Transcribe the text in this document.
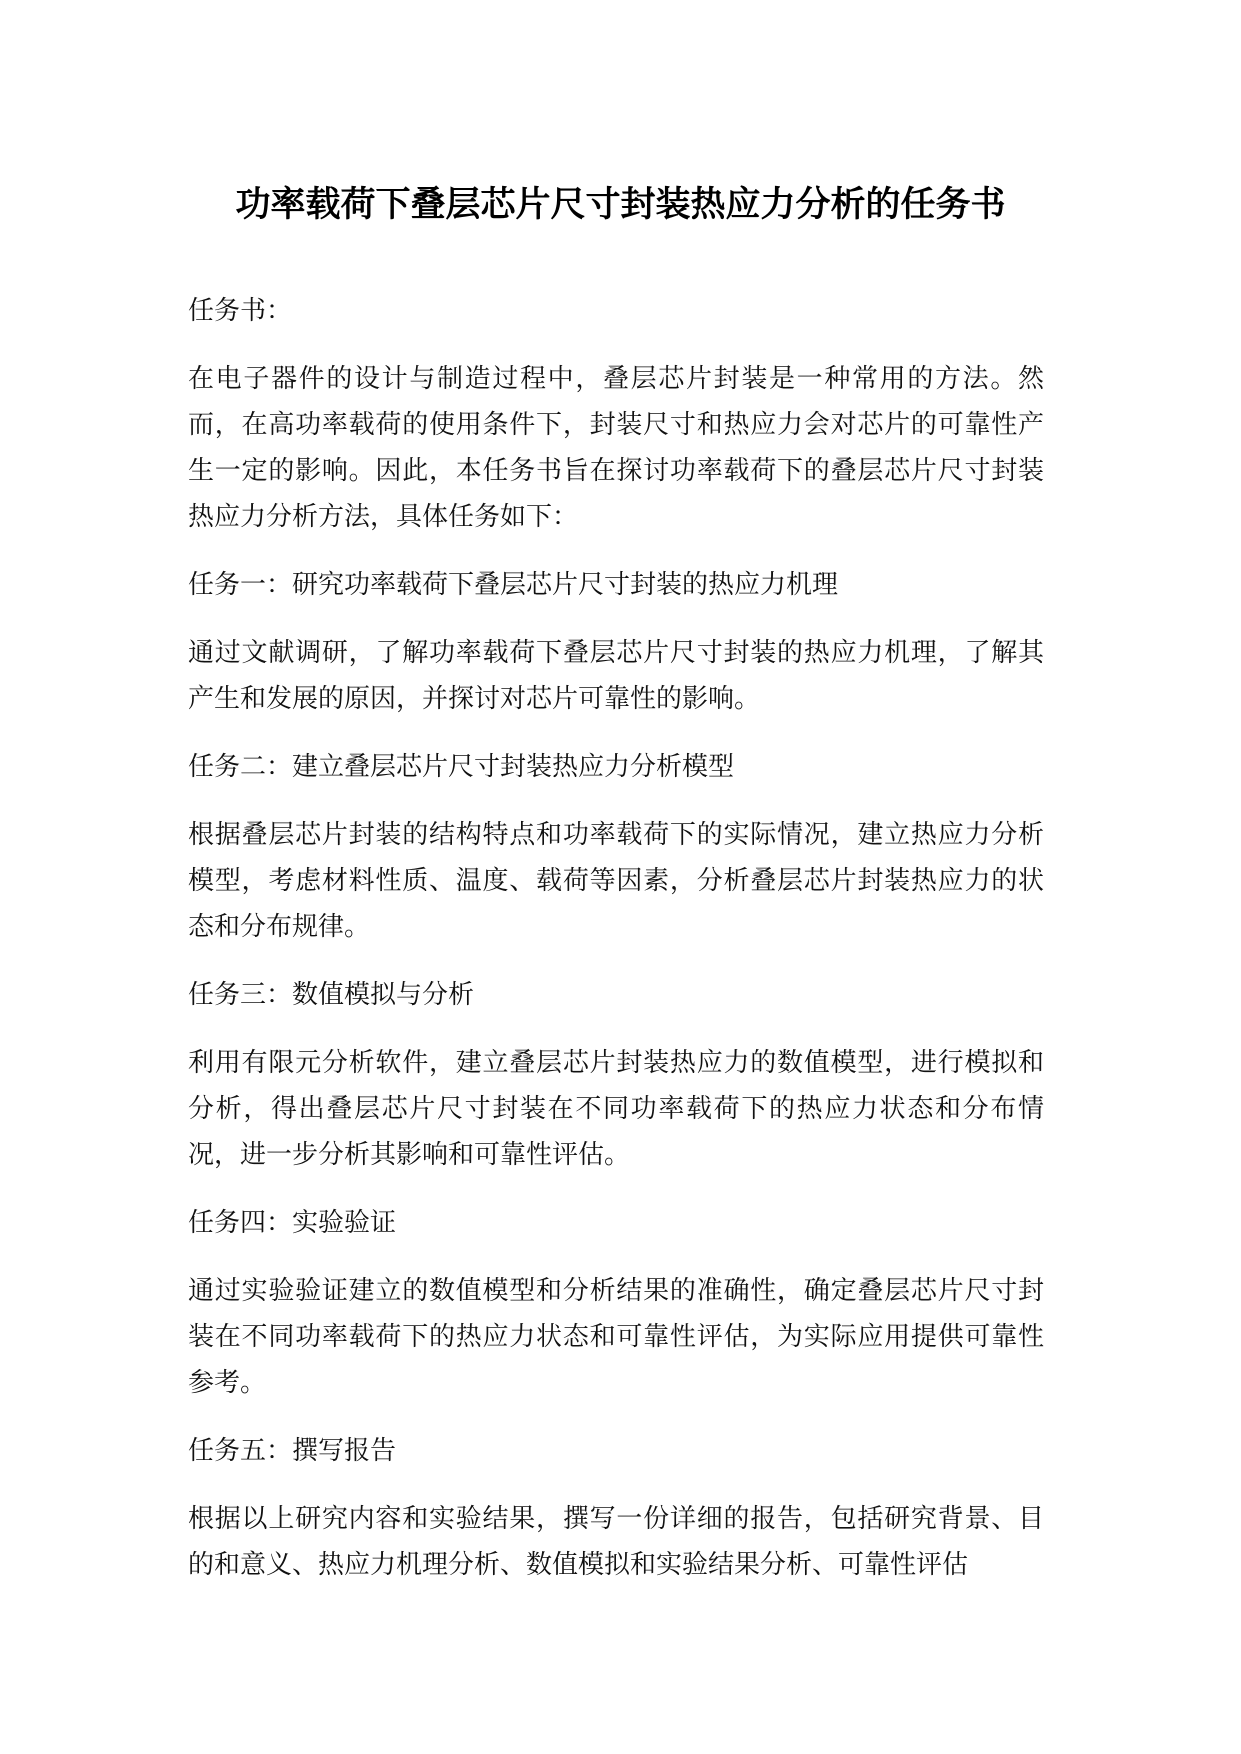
功率载荷下叠层芯片尺寸封装热应力分析的任务书

任务书：

在电子器件的设计与制造过程中，叠层芯片封装是一种常用的方法。然而，在高功率载荷的使用条件下，封装尺寸和热应力会对芯片的可靠性产生一定的影响。因此，本任务书旨在探讨功率载荷下的叠层芯片尺寸封装热应力分析方法，具体任务如下：

任务一：研究功率载荷下叠层芯片尺寸封装的热应力机理

通过文献调研，了解功率载荷下叠层芯片尺寸封装的热应力机理，了解其产生和发展的原因，并探讨对芯片可靠性的影响。

任务二：建立叠层芯片尺寸封装热应力分析模型

根据叠层芯片封装的结构特点和功率载荷下的实际情况，建立热应力分析模型，考虑材料性质、温度、载荷等因素，分析叠层芯片封装热应力的状态和分布规律。

任务三：数值模拟与分析

利用有限元分析软件，建立叠层芯片封装热应力的数值模型，进行模拟和分析，得出叠层芯片尺寸封装在不同功率载荷下的热应力状态和分布情况，进一步分析其影响和可靠性评估。

任务四：实验验证

通过实验验证建立的数值模型和分析结果的准确性，确定叠层芯片尺寸封装在不同功率载荷下的热应力状态和可靠性评估，为实际应用提供可靠性参考。

任务五：撰写报告

根据以上研究内容和实验结果，撰写一份详细的报告，包括研究背景、目的和意义、热应力机理分析、数值模拟和实验结果分析、可靠性评估
